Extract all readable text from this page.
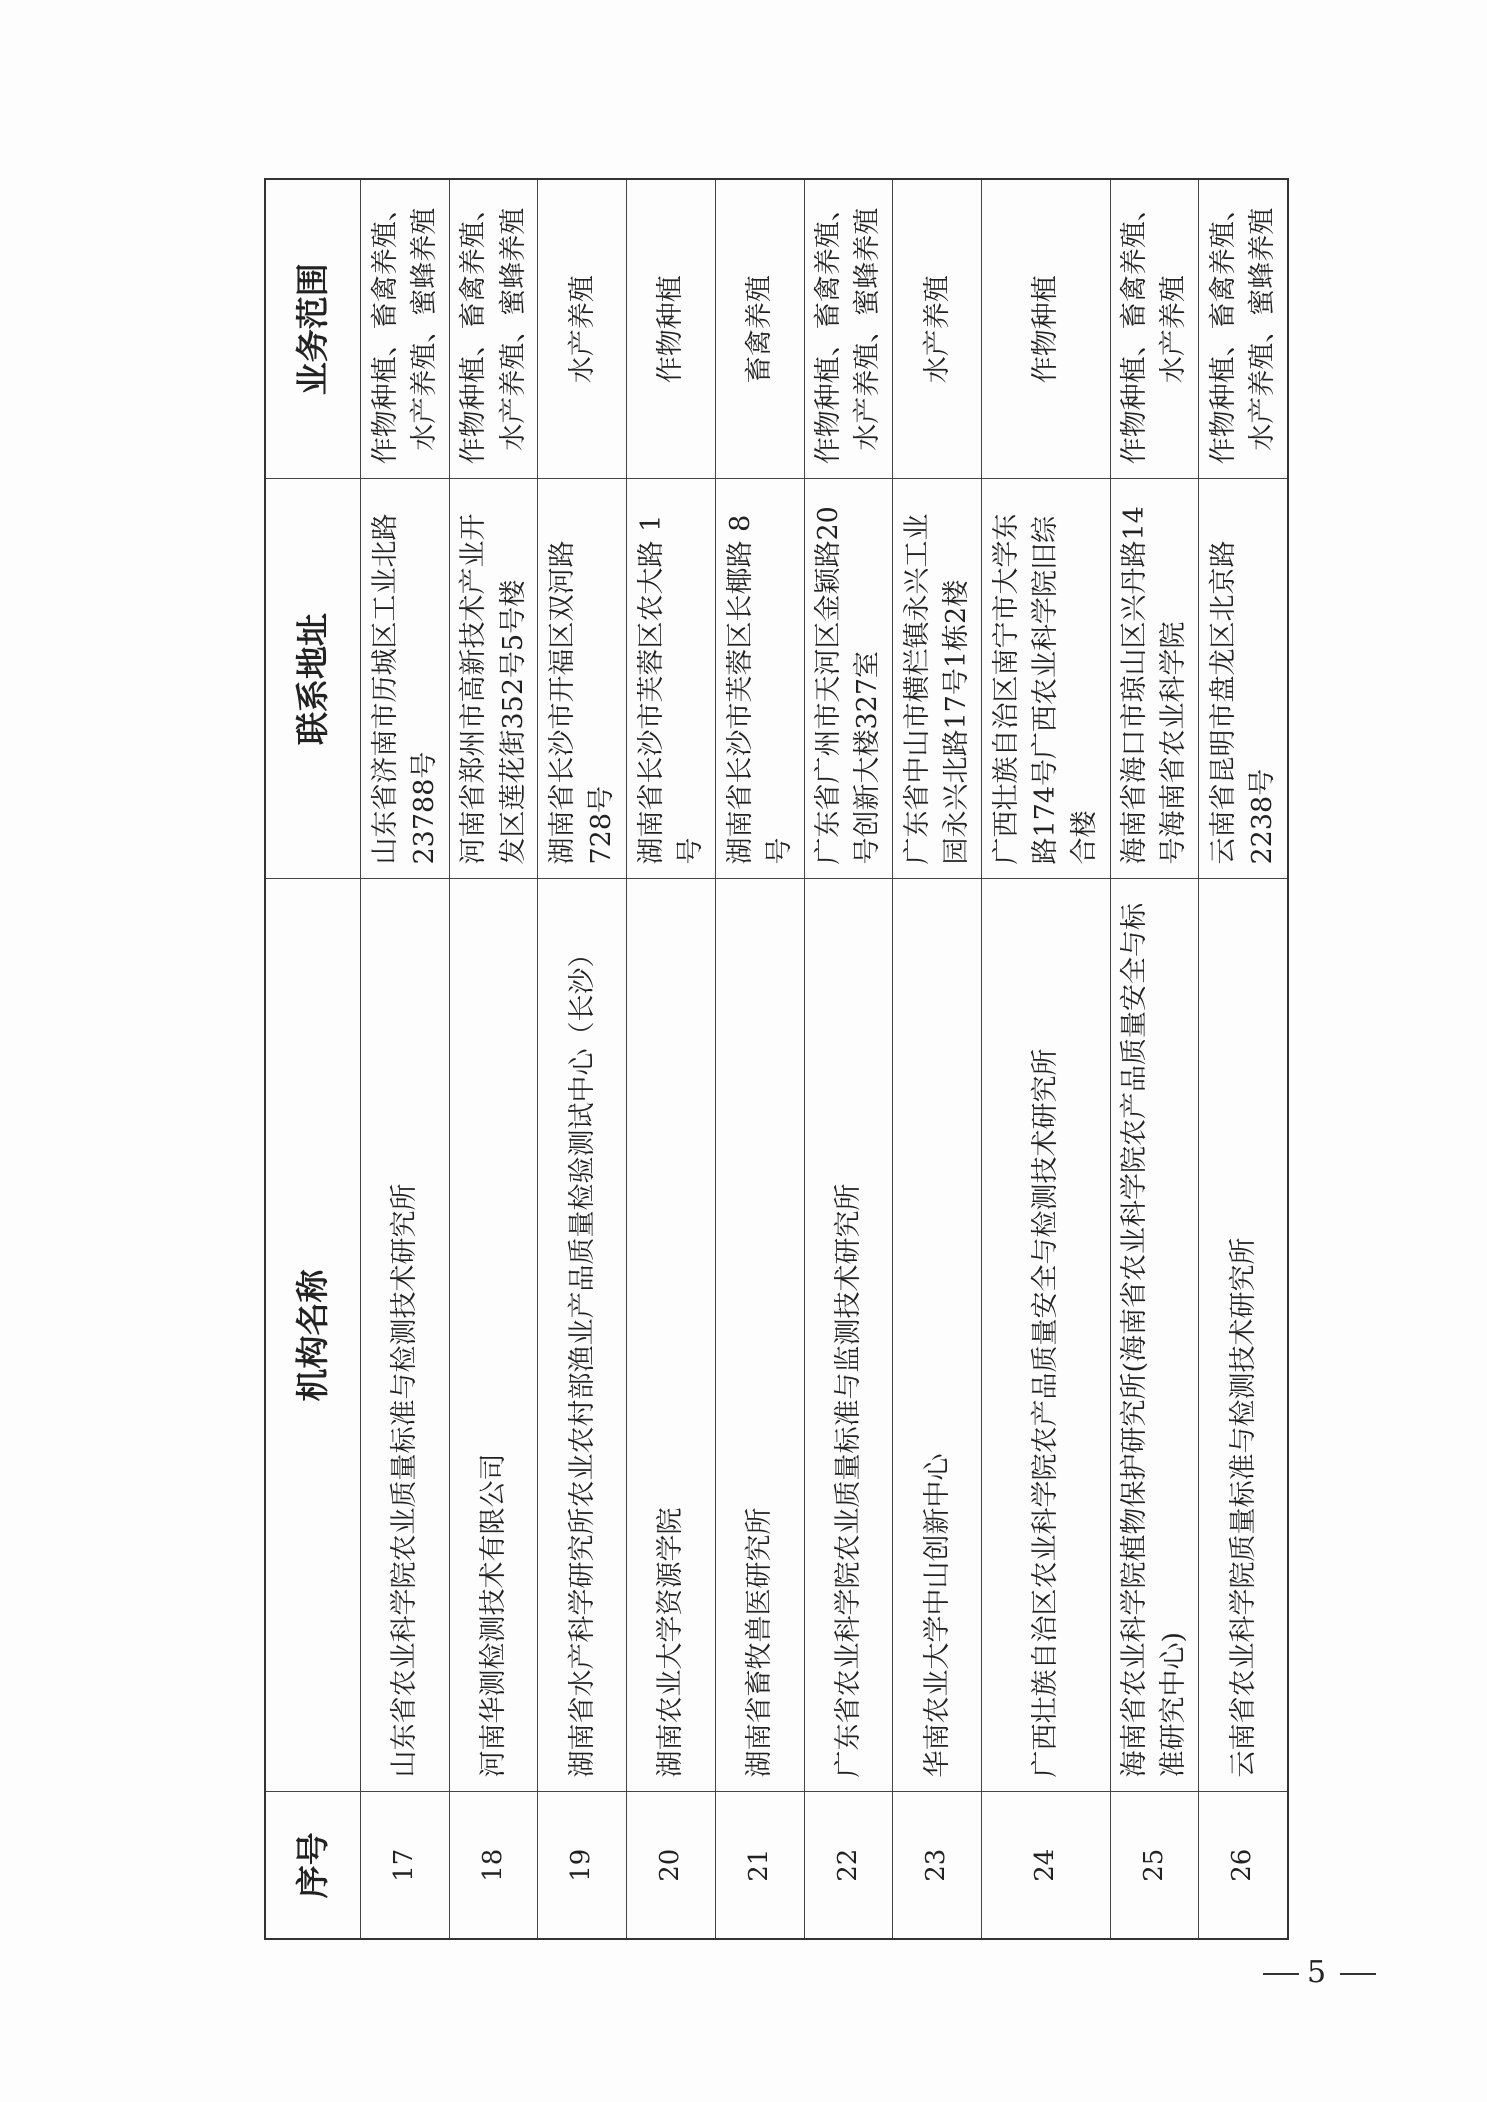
序号	机构名称	联系地址	业务范围
17	山东省农业科学院农业质量标准与检测技术研究所	山东省济南市历城区工业北路23788号	作物种植、畜禽养殖、水产养殖、蜜蜂养殖
18	河南华测检测技术有限公司	河南省郑州市高新技术产业开发区莲花街352号5号楼	作物种植、畜禽养殖、水产养殖、蜜蜂养殖
19	湖南省水产科学研究所农业农村部渔业产品质量检验测试中心（长沙）	湖南省长沙市开福区双河路 728号	水产养殖
20	湖南农业大学资源学院	湖南省长沙市芙蓉区农大路 1号	作物种植
21	湖南省畜牧兽医研究所	湖南省长沙市芙蓉区长椰路 8号	畜禽养殖
22	广东省农业科学院农业质量标准与监测技术研究所	广东省广州市天河区金颖路20号创新大楼327室	作物种植、畜禽养殖、水产养殖、蜜蜂养殖
23	华南农业大学中山创新中心	广东省中山市横栏镇永兴工业园永兴北路17号1栋2楼	水产养殖
24	广西壮族自治区农业科学院农产品质量安全与检测技术研究所	广西壮族自治区南宁市大学东路174号广西农业科学院旧综合楼	作物种植
25	海南省农业科学院植物保护研究所(海南省农业科学院农产品质量安全与标准研究中心)	海南省海口市琼山区兴丹路14号海南省农业科学院	作物种植、畜禽养殖、水产养殖
26	云南省农业科学院质量标准与检测技术研究所	云南省昆明市盘龙区北京路2238号	作物种植、畜禽养殖、水产养殖、蜜蜂养殖
5
